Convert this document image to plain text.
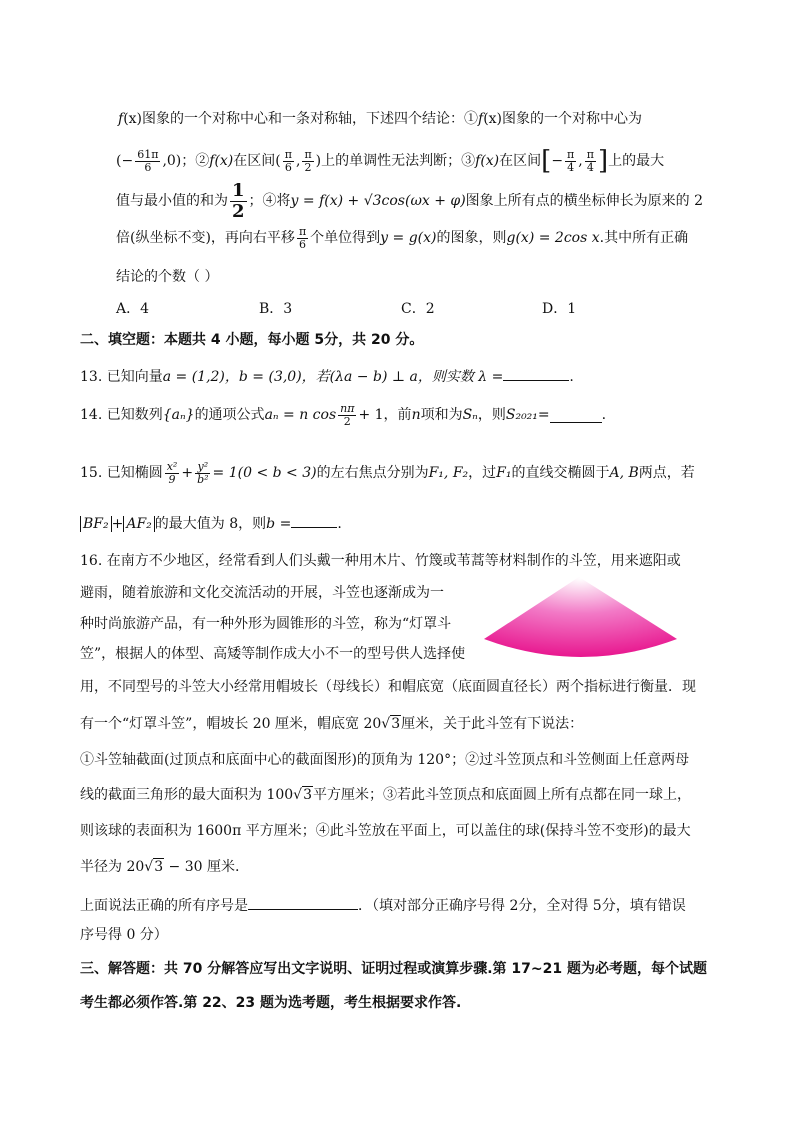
f(x)图象的一个对称中心和一条对称轴，下述四个结论：①f(x)图象的一个对称中心为
(− $\frac{61\pi}{6} ,0$)；② f(x) 在区间( $\frac{\pi}{6}$ , $\frac{\pi}{2}$ )上的单调性无法判断；③ f(x) 在区间 [ − $\frac{\pi}{4}$ , $\frac{\pi}{4}$ ] 上的最大
值与最小值的和为 $\frac{1}{2}$ ；④将 y = f(x) + √3cos(ωx + φ) 图象上所有点的横坐标伸长为原来的 2
倍(纵坐标不变)，再向右平移 $\frac{\pi}{6}$ 个单位得到 y = g(x) 的图象，则 g(x) = 2cos x .其中所有正确
结论的个数（ ）
A．4	B．3	C．2	D．1
二、填空题：本题共 4 小题，每小题 5分，共 20 分。
13. 已知向量a = (1,2)，b = (3,0)，若(λa − b) ⊥ a，则实数 λ =	.
14. 已知数列 {aₙ} 的通项公式 aₙ = n $\cos \frac{n\pi}{2} + 1$，前 n 项和为 Sₙ ，则 S₂₀₂₁ =	.
15. 已知椭圆 $\frac{\text{x²}}{9} + \frac{\text{y²}}{\text{b²}} = 1(0 < b < 3)$ 的左右焦点分别为 F₁, F₂ ，过 F₁ 的直线交椭圆于 A, B 两点，若
BF₂ + AF₂ 的最大值为 8，则b =	.
16. 在南方不少地区，经常看到人们头戴一种用木片、竹篾或苇蒿等材料制作的斗笠，用来遮阳或
避雨，随着旅游和文化交流活动的开展，斗笠也逐渐成为一
种时尚旅游产品，有一种外形为圆锥形的斗笠，称为“灯罩斗
笠”，根据人的体型、高矮等制作成大小不一的型号供人选择使
用，不同型号的斗笠大小经常用帽坡长（母线长）和帽底宽（底面圆直径长）两个指标进行衡量．现
有一个“灯罩斗笠”，帽坡长 20 厘米，帽底宽 20√3厘米，关于此斗笠有下说法：
①斗笠轴截面(过顶点和底面中心的截面图形)的顶角为 120°；②过斗笠顶点和斗笠侧面上任意两母
线的截面三角形的最大面积为 100√3平方厘米；③若此斗笠顶点和底面圆上所有点都在同一球上，
则该球的表面积为 1600π 平方厘米；④此斗笠放在平面上，可以盖住的球(保持斗笠不变形)的最大
半径为 20√3 − 30 厘米.
上面说法正确的所有序号是	．（填对部分正确序号得 2分，全对得 5分，填有错误
序号得 0 分）
三、解答题：共 70 分解答应写出文字说明、证明过程或演算步骤.第 17~21 题为必考题，每个试题
考生都必须作答.第 22、23 题为选考题，考生根据要求作答.
